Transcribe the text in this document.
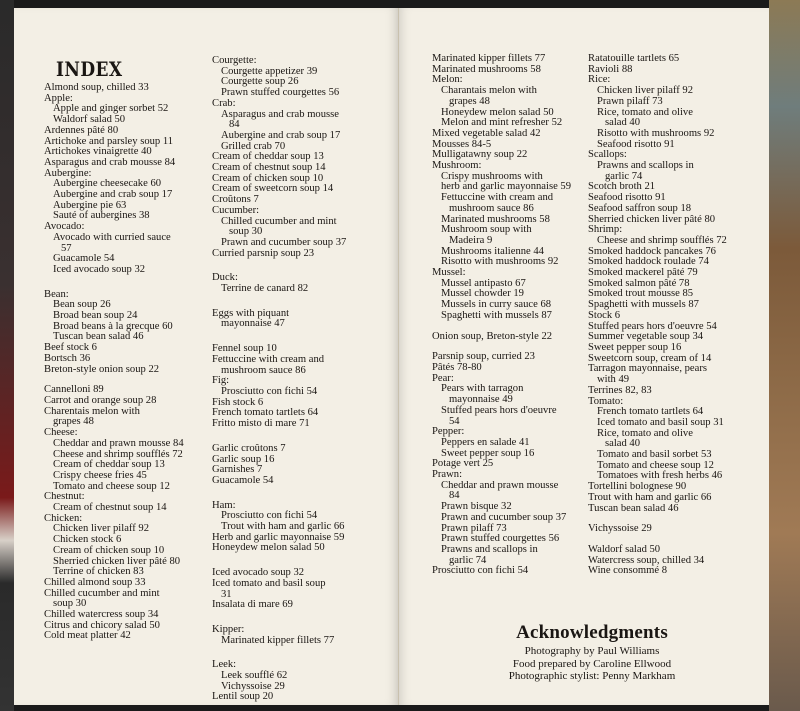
INDEX
Almond soup, chilled 33
Apple:
Apple and ginger sorbet 52
Waldorf salad 50
Ardennes pâté 80
Artichoke and parsley soup 11
Artichokes vinaigrette 40
Asparagus and crab mousse 84
Aubergine:
Aubergine cheesecake 60
Aubergine and crab soup 17
Aubergine pie 63
Sauté of aubergines 38
Avocado:
Avocado with curried sauce
57
Guacamole 54
Iced avocado soup 32
Bean:
Bean soup 26
Broad bean soup 24
Broad beans à la grecque 60
Tuscan bean salad 46
Beef stock 6
Bortsch 36
Breton-style onion soup 22
Cannelloni 89
Carrot and orange soup 28
Charentais melon with
grapes 48
Cheese:
Cheddar and prawn mousse 84
Cheese and shrimp soufflés 72
Cream of cheddar soup 13
Crispy cheese fries 45
Tomato and cheese soup 12
Chestnut:
Cream of chestnut soup 14
Chicken:
Chicken liver pilaff 92
Chicken stock 6
Cream of chicken soup 10
Sherried chicken liver pâté 80
Terrine of chicken 83
Chilled almond soup 33
Chilled cucumber and mint
soup 30
Chilled watercress soup 34
Citrus and chicory salad 50
Cold meat platter 42
Courgette:
Courgette appetizer 39
Courgette soup 26
Prawn stuffed courgettes 56
Crab:
Asparagus and crab mousse
84
Aubergine and crab soup 17
Grilled crab 70
Cream of cheddar soup 13
Cream of chestnut soup 14
Cream of chicken soup 10
Cream of sweetcorn soup 14
Croûtons 7
Cucumber:
Chilled cucumber and mint
soup 30
Prawn and cucumber soup 37
Curried parsnip soup 23
Duck:
Terrine de canard 82
Eggs with piquant
mayonnaise 47
Fennel soup 10
Fettuccine with cream and
mushroom sauce 86
Fig:
Prosciutto con fichi 54
Fish stock 6
French tomato tartlets 64
Fritto misto di mare 71
Garlic croûtons 7
Garlic soup 16
Garnishes 7
Guacamole 54
Ham:
Prosciutto con fichi 54
Trout with ham and garlic 66
Herb and garlic mayonnaise 59
Honeydew melon salad 50
Iced avocado soup 32
Iced tomato and basil soup
31
Insalata di mare 69
Kipper:
Marinated kipper fillets 77
Leek:
Leek soufflé 62
Vichyssoise 29
Lentil soup 20
Marinated kipper fillets 77
Marinated mushrooms 58
Melon:
Charantais melon with
grapes 48
Honeydew melon salad 50
Melon and mint refresher 52
Mixed vegetable salad 42
Mousses 84-5
Mulligatawny soup 22
Mushroom:
Crispy mushrooms with
herb and garlic mayonnaise 59
Fettuccine with cream and
mushroom sauce 86
Marinated mushrooms 58
Mushroom soup with
Madeira 9
Mushrooms italienne 44
Risotto with mushrooms 92
Mussel:
Mussel antipasto 67
Mussel chowder 19
Mussels in curry sauce 68
Spaghetti with mussels 87
Onion soup, Breton-style 22
Parsnip soup, curried 23
Pâtés 78-80
Pear:
Pears with tarragon
mayonnaise 49
Stuffed pears hors d'oeuvre
54
Pepper:
Peppers en salade 41
Sweet pepper soup 16
Potage vert 25
Prawn:
Cheddar and prawn mousse
84
Prawn bisque 32
Prawn and cucumber soup 37
Prawn pilaff 73
Prawn stuffed courgettes 56
Prawns and scallops in
garlic 74
Prosciutto con fichi 54
Ratatouille tartlets 65
Ravioli 88
Rice:
Chicken liver pilaff 92
Prawn pilaff 73
Rice, tomato and olive
salad 40
Risotto with mushrooms 92
Seafood risotto 91
Scallops:
Prawns and scallops in
garlic 74
Scotch broth 21
Seafood risotto 91
Seafood saffron soup 18
Sherried chicken liver pâté 80
Shrimp:
Cheese and shrimp soufflés 72
Smoked haddock pancakes 76
Smoked haddock roulade 74
Smoked mackerel pâté 79
Smoked salmon pâté 78
Smoked trout mousse 85
Spaghetti with mussels 87
Stock 6
Stuffed pears hors d'oeuvre 54
Summer vegetable soup 34
Sweet pepper soup 16
Sweetcorn soup, cream of 14
Tarragon mayonnaise, pears
with 49
Terrines 82, 83
Tomato:
French tomato tartlets 64
Iced tomato and basil soup 31
Rice, tomato and olive
salad 40
Tomato and basil sorbet 53
Tomato and cheese soup 12
Tomatoes with fresh herbs 46
Tortellini bolognese 90
Trout with ham and garlic 66
Tuscan bean salad 46
Vichyssoise 29
Waldorf salad 50
Watercress soup, chilled 34
Wine consommé 8
Acknowledgments
Photography by Paul Williams
Food prepared by Caroline Ellwood
Photographic stylist: Penny Markham
